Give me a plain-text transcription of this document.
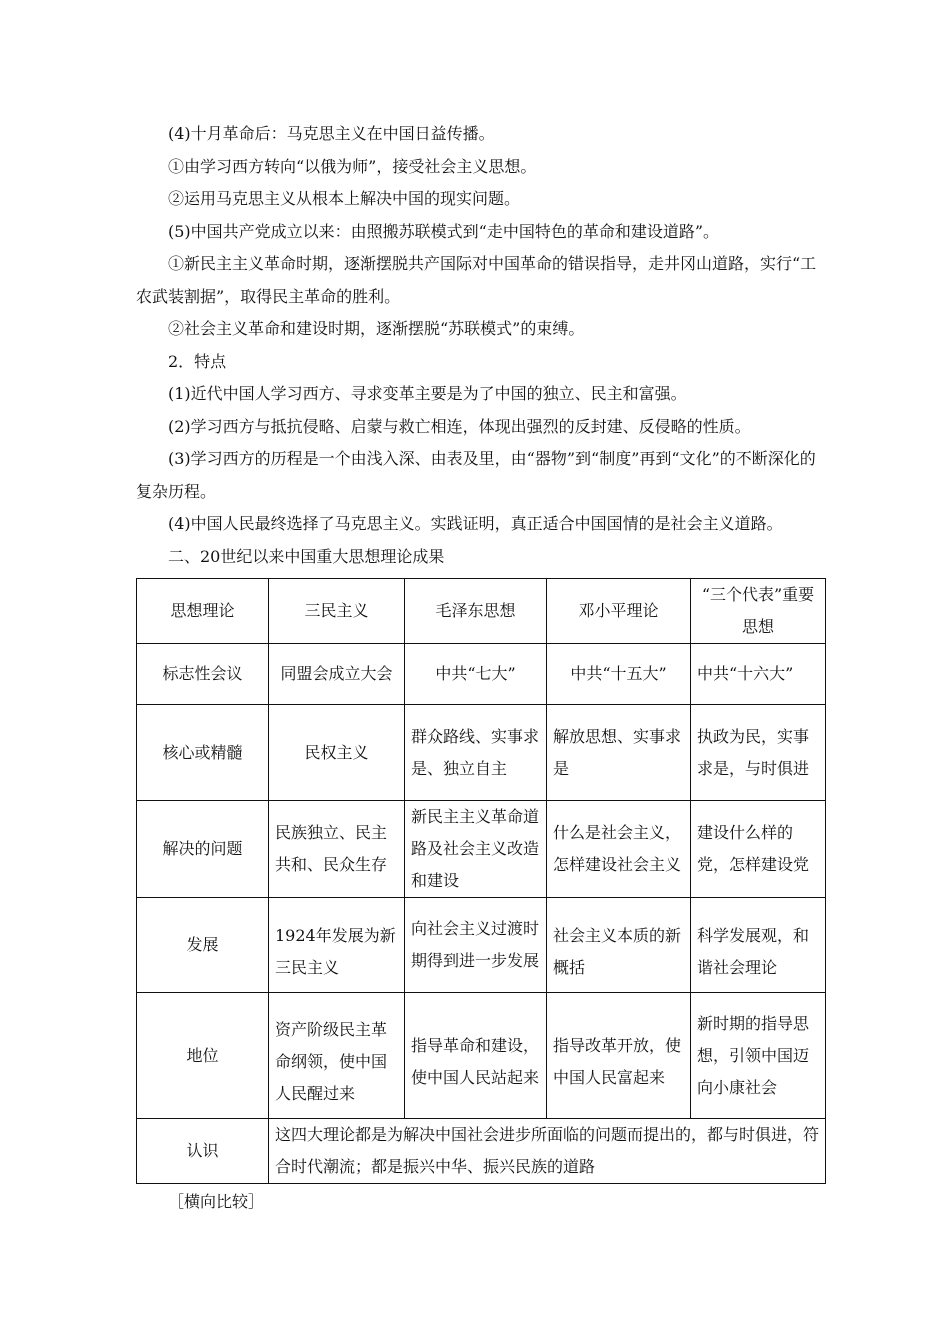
(4)十月革命后：马克思主义在中国日益传播。

①由学习西方转向“以俄为师”，接受社会主义思想。

②运用马克思主义从根本上解决中国的现实问题。

(5)中国共产党成立以来：由照搬苏联模式到“走中国特色的革命和建设道路”。

①新民主主义革命时期，逐渐摆脱共产国际对中国革命的错误指导，走井冈山道路，实行“工农武装割据”，取得民主革命的胜利。

②社会主义革命和建设时期，逐渐摆脱“苏联模式”的束缚。

2．特点

(1)近代中国人学习西方、寻求变革主要是为了中国的独立、民主和富强。

(2)学习西方与抵抗侵略、启蒙与救亡相连，体现出强烈的反封建、反侵略的性质。

(3)学习西方的历程是一个由浅入深、由表及里，由“器物”到“制度”再到“文化”的不断深化的复杂历程。

(4)中国人民最终选择了马克思主义。实践证明，真正适合中国国情的是社会主义道路。

二、20世纪以来中国重大思想理论成果

思想理论	三民主义	毛泽东思想	邓小平理论	“三个代表”重要思想
标志性会议	同盟会成立大会	中共“七大”	中共“十五大”	中共“十六大”
核心或精髓	民权主义	群众路线、实事求是、独立自主	解放思想、实事求是	执政为民，实事求是，与时俱进
解决的问题	民族独立、民主共和、民众生存	新民主主义革命道路及社会主义改造和建设	什么是社会主义，怎样建设社会主义	建设什么样的党，怎样建设党
发展	1924年发展为新三民主义	向社会主义过渡时期得到进一步发展	社会主义本质的新概括	科学发展观，和谐社会理论
地位	资产阶级民主革命纲领，使中国人民醒过来	指导革命和建设，使中国人民站起来	指导改革开放，使中国人民富起来	新时期的指导思想，引领中国迈向小康社会
认识	这四大理论都是为解决中国社会进步所面临的问题而提出的，都与时俱进，符合时代潮流；都是振兴中华、振兴民族的道路			
［横向比较］
